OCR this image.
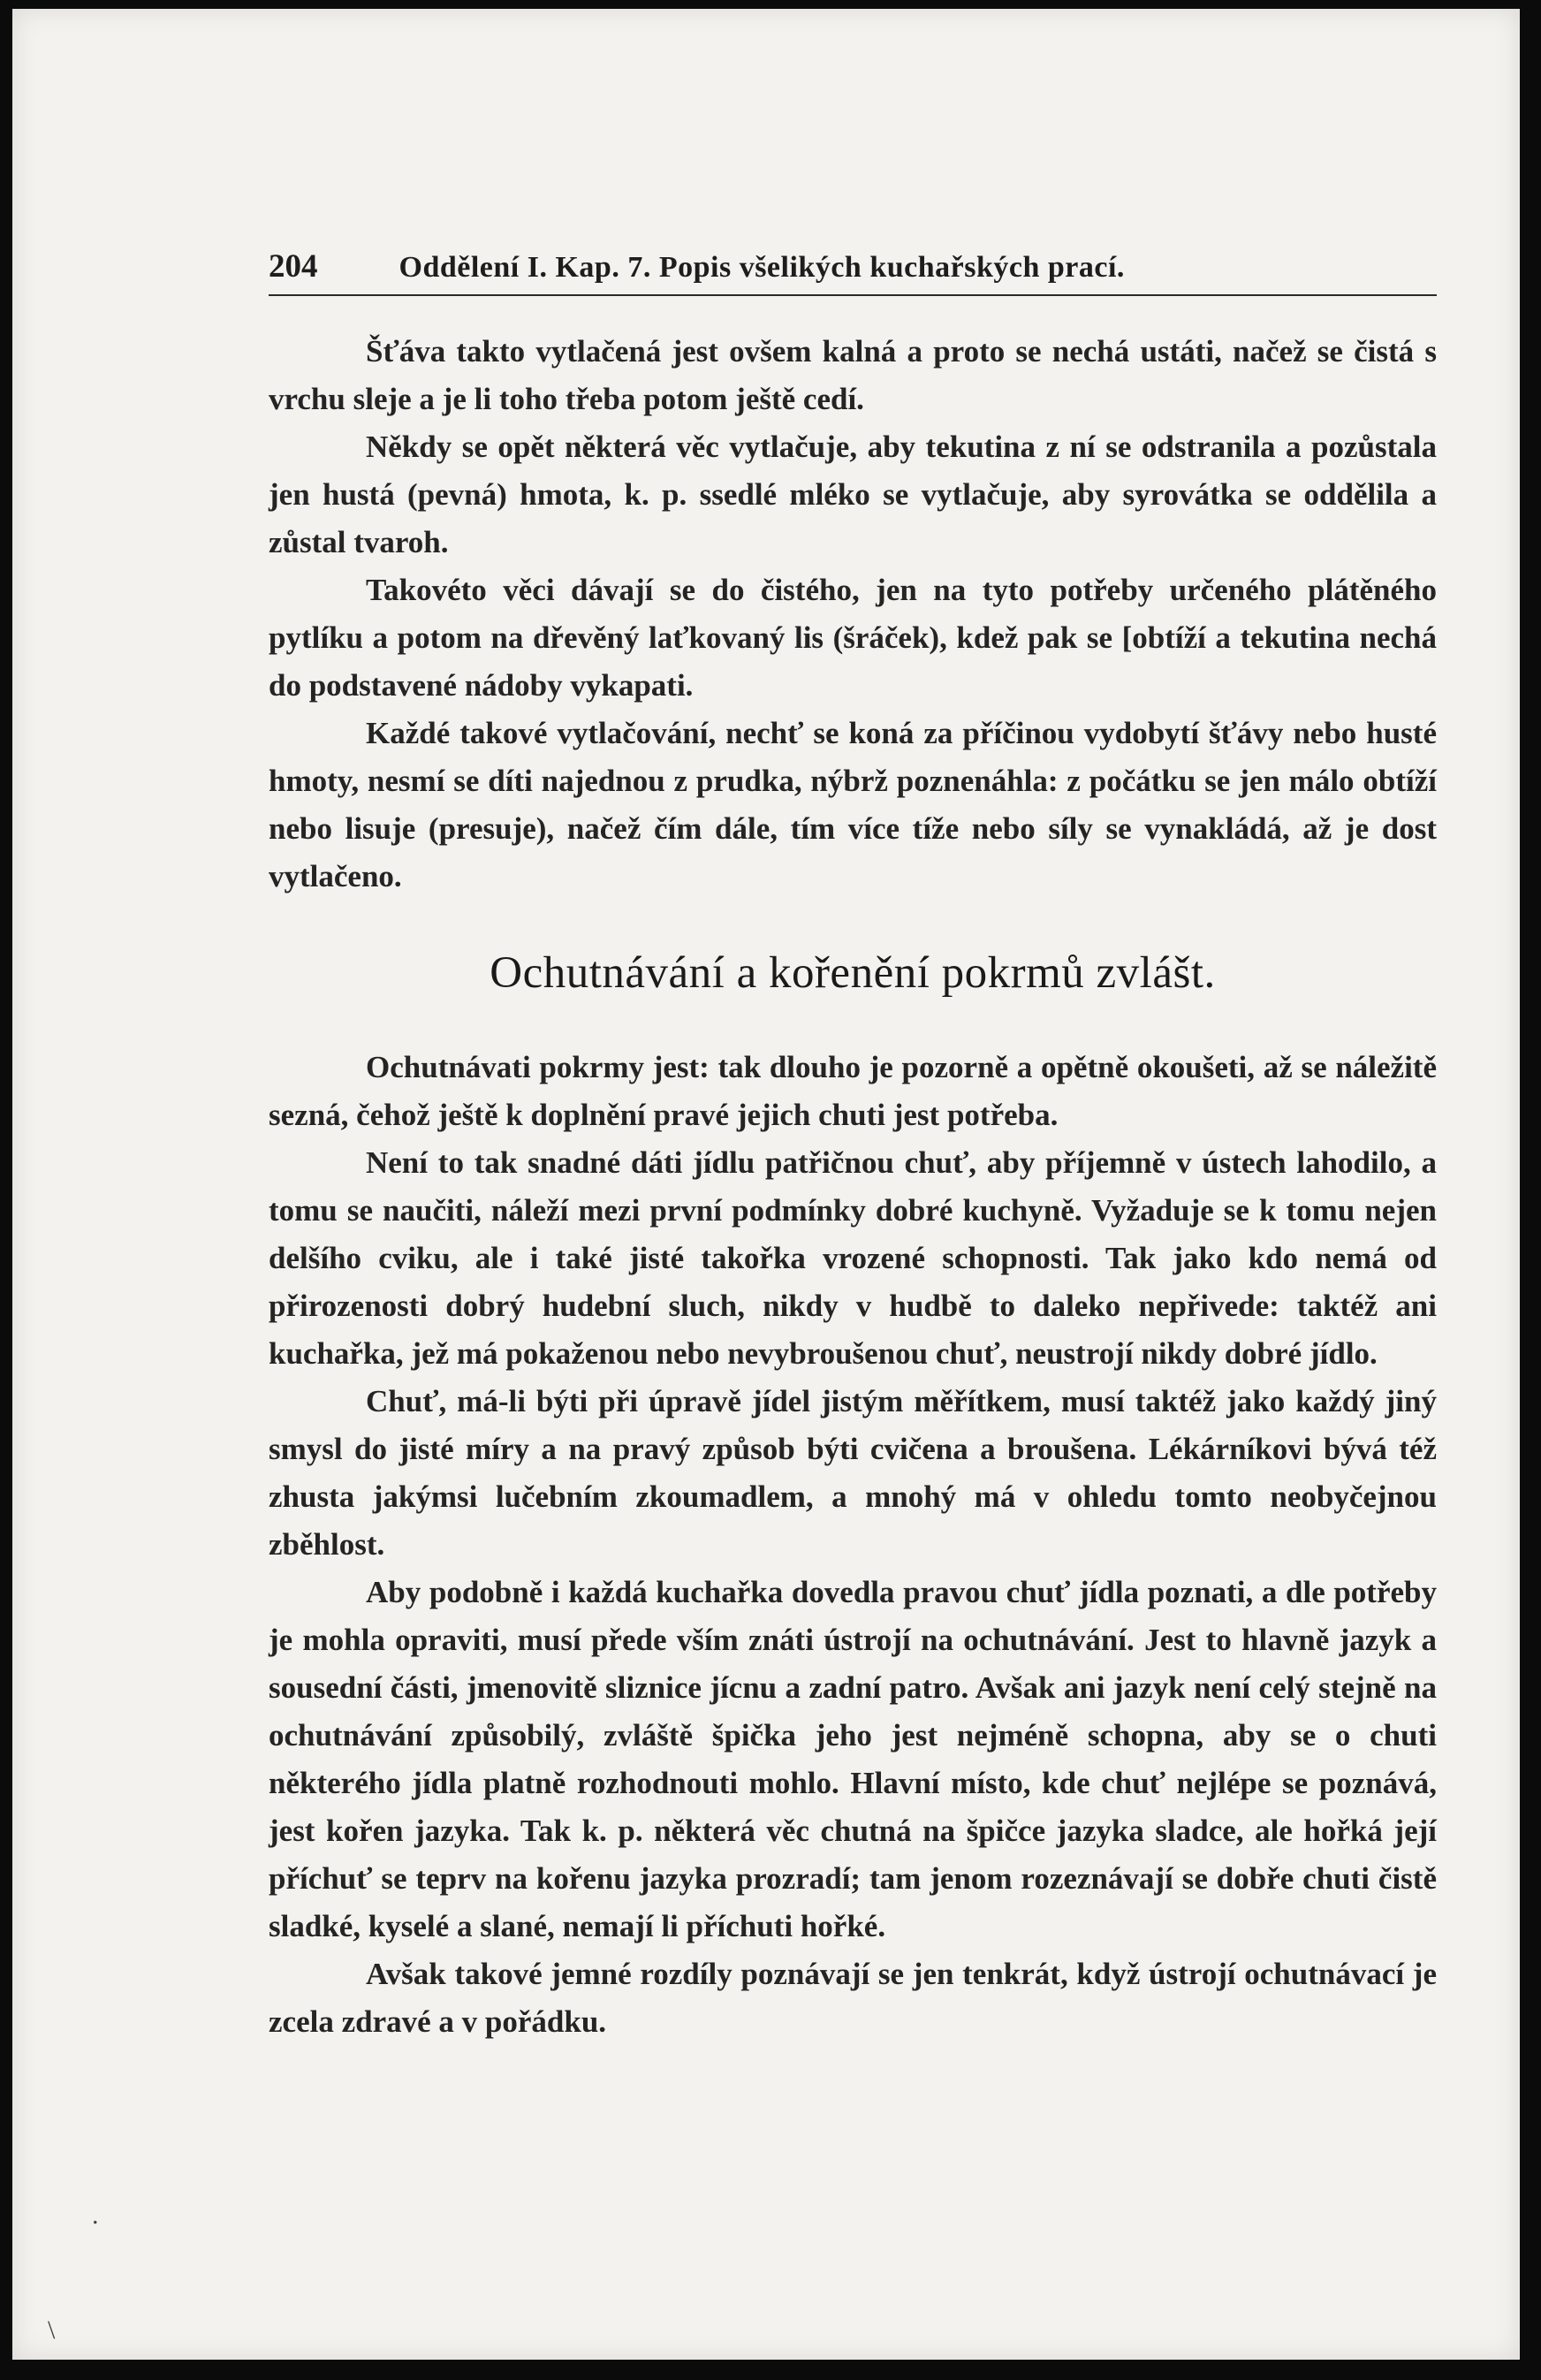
204	Oddělení I. Kap. 7. Popis všelikých kuchařských prací.

Šťáva takto vytlačená jest ovšem kalná a proto se nechá ustáti, načež se čistá s vrchu sleje a je li toho třeba potom ještě cedí.

Někdy se opět některá věc vytlačuje, aby tekutina z ní se odstranila a pozůstala jen hustá (pevná) hmota, k. p. ssedlé mléko se vytlačuje, aby syrovátka se oddělila a zůstal tvaroh.

Takovéto věci dávají se do čistého, jen na tyto potřeby určeného plátěného pytlíku a potom na dřevěný laťkovaný lis (šráček), kdež pak se [obtíží a tekutina nechá do podstavené nádoby vykapati.

Každé takové vytlačování, nechť se koná za příčinou vydobytí šťávy nebo husté hmoty, nesmí se díti najednou z prudka, nýbrž poznenáhla: z počátku se jen málo obtíží nebo lisuje (presuje), načež čím dále, tím více tíže nebo síly se vynakládá, až je dost vytlačeno.

Ochutnávání a kořenění pokrmů zvlášt.

Ochutnávati pokrmy jest: tak dlouho je pozorně a opětně okoušeti, až se náležitě sezná, čehož ještě k doplnění pravé jejich chuti jest potřeba.

Není to tak snadné dáti jídlu patřičnou chuť, aby příjemně v ústech lahodilo, a tomu se naučiti, náleží mezi první podmínky dobré kuchyně. Vyžaduje se k tomu nejen delšího cviku, ale i také jisté takořka vrozené schopnosti. Tak jako kdo nemá od přirozenosti dobrý hudební sluch, nikdy v hudbě to daleko nepřivede: taktéž ani kuchařka, jež má pokaženou nebo nevybroušenou chuť, neustrojí nikdy dobré jídlo.

Chuť, má-li býti při úpravě jídel jistým měřítkem, musí taktéž jako každý jiný smysl do jisté míry a na pravý způsob býti cvičena a broušena. Lékárníkovi bývá též zhusta jakýmsi lučebním zkoumadlem, a mnohý má v ohledu tomto neobyčejnou zběhlost.

Aby podobně i každá kuchařka dovedla pravou chuť jídla poznati, a dle potřeby je mohla opraviti, musí přede vším znáti ústrojí na ochutnávání. Jest to hlavně jazyk a sousední části, jmenovitě sliznice jícnu a zadní patro. Avšak ani jazyk není celý stejně na ochutnávání způsobilý, zvláště špička jeho jest nejméně schopna, aby se o chuti některého jídla platně rozhodnouti mohlo. Hlavní místo, kde chuť nejlépe se poznává, jest kořen jazyka. Tak k. p. některá věc chutná na špičce jazyka sladce, ale hořká její příchuť se teprv na kořenu jazyka prozradí; tam jenom rozeznávají se dobře chuti čistě sladké, kyselé a slané, nemají li příchuti hořké.

Avšak takové jemné rozdíly poznávají se jen tenkrát, když ústrojí ochutnávací je zcela zdravé a v pořádku.

.
\
